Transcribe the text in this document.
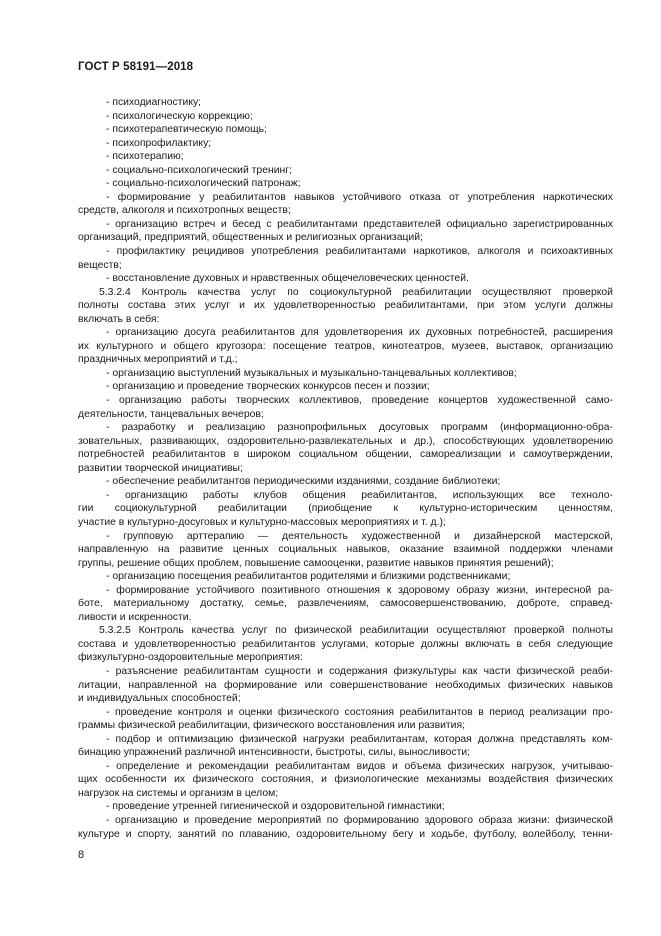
ГОСТ Р 58191—2018
- психодиагностику;
- психологическую коррекцию;
- психотерапевтическую помощь;
- психопрофилактику;
- психотерапию;
- социально-психологический тренинг;
- социально-психологический патронаж;
- формирование у реабилитантов навыков устойчивого отказа от употребления наркотических
средств, алкоголя и психотропных веществ;
- организацию встреч и бесед с реабилитантами представителей официально зарегистрированных
организаций, предприятий, общественных и религиозных организаций;
- профилактику рецидивов употребления реабилитантами наркотиков, алкоголя и психоактивных
веществ;
- восстановление духовных и нравственных общечеловеческих ценностей.
5.3.2.4 Контроль качества услуг по социокультурной реабилитации осуществляют проверкой
полноты состава этих услуг и их удовлетворенностью реабилитантами, при этом услуги должны
включать в себя:
- организацию досуга реабилитантов для удовлетворения их духовных потребностей, расширения
их культурного и общего кругозора: посещение театров, кинотеатров, музеев, выставок, организацию
праздничных мероприятий и т.д.;
- организацию выступлений музыкальных и музыкально-танцевальных коллективов;
- организацию и проведение творческих конкурсов песен и поэзии;
- организацию работы творческих коллективов, проведение концертов художественной само-
деятельности, танцевальных вечеров;
- разработку и реализацию разнопрофильных досуговых программ (информационно-обра-
зовательных, развивающих, оздоровительно-развлекательных и др.), способствующих удовлетворению
потребностей реабилитантов в широком социальном общении, самореализации и самоутверждении,
развитии творческой инициативы;
- обеспечение реабилитантов периодическими изданиями, создание библиотеки;
- организацию работы клубов общения реабилитантов, использующих все техноло-
гии социокультурной реабилитации (приобщение к культурно-историческим ценностям,
участие в культурно-досуговых и культурно-массовых мероприятиях и т. д.);
- групповую арттерапию — деятельность художественной и дизайнерской мастерской,
направленную на развитие ценных социальных навыков, оказание взаимной поддержки членами
группы, решение общих проблем, повышение самооценки, развитие навыков принятия решений);
- организацию посещения реабилитантов родителями и близкими родственниками;
- формирование устойчивого позитивного отношения к здоровому образу жизни, интересной ра-
боте, материальному достатку, семье, развлечениям, самосовершенствованию, доброте, справед-
ливости и искренности.
5.3.2.5 Контроль качества услуг по физической реабилитации осуществляют проверкой полноты
состава и удовлетворенностью реабилитантов услугами, которые должны включать в себя следующие
физкультурно-оздоровительные мероприятия:
- разъяснение реабилитантам сущности и содержания физкультуры как части физической реаби-
литации, направленной на формирование или совершенствование необходимых физических навыков
и индивидуальных способностей;
- проведение контроля и оценки физического состояния реабилитантов в период реализации про-
граммы физической реабилитации, физического восстановления или развития;
- подбор и оптимизацию физической нагрузки реабилитантам, которая должна представлять ком-
бинацию упражнений различной интенсивности, быстроты, силы, выносливости;
- определение и рекомендации реабилитантам видов и объема физических нагрузок, учитываю-
щих особенности их физического состояния, и физиологические механизмы воздействия физических
нагрузок на системы и организм в целом;
- проведение утренней гигиенической и оздоровительной гимнастики;
- организацию и проведение мероприятий по формированию здорового образа жизни: физической
культуре и спорту, занятий по плаванию, оздоровительному бегу и ходьбе, футболу, волейболу, тенни-
8
